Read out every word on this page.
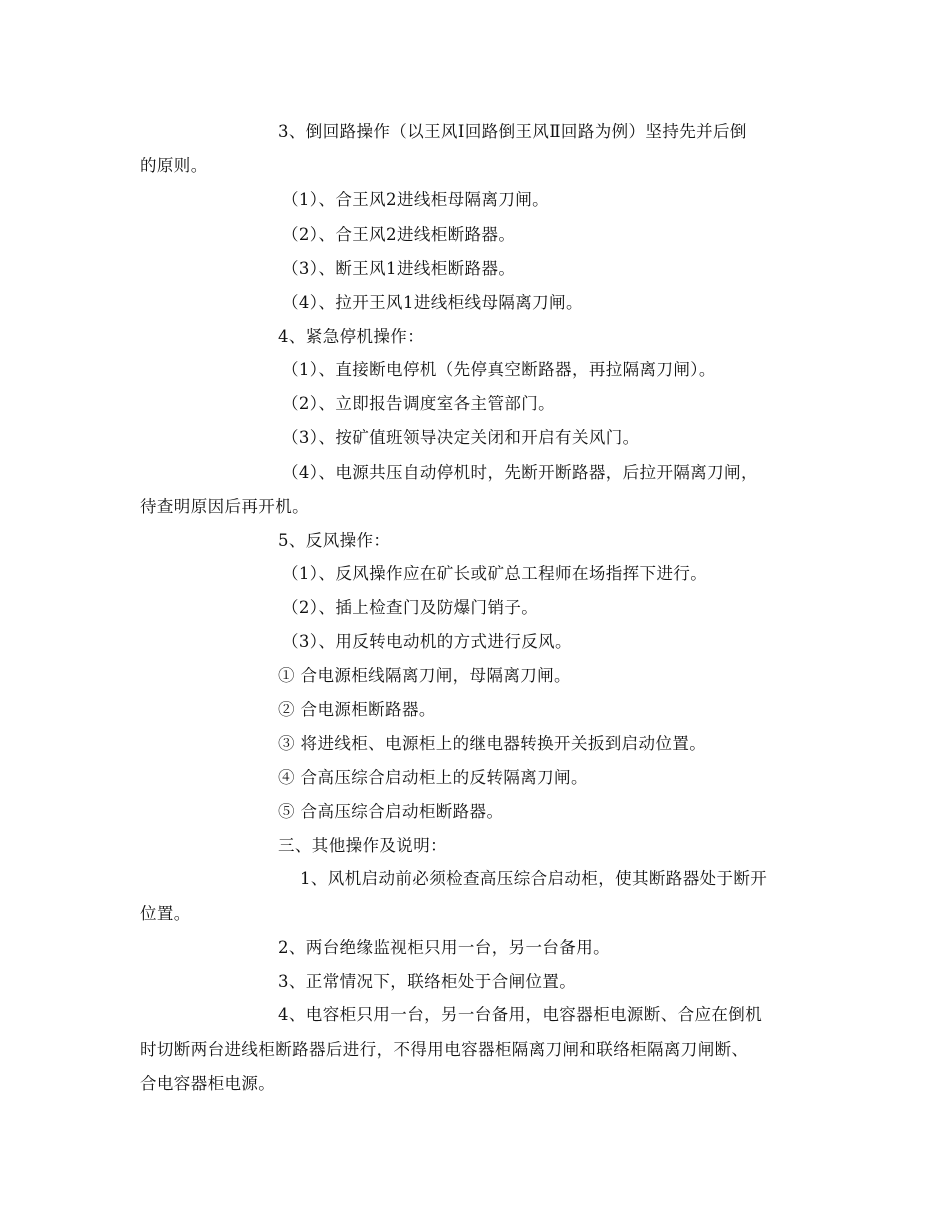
3、倒回路操作（以王风Ⅰ回路倒王风Ⅱ回路为例）坚持先并后倒
的原则。
（1）、合王风2进线柜母隔离刀闸。
（2）、合王风2进线柜断路器。
（3）、断王风1进线柜断路器。
（4）、拉开王风1进线柜线母隔离刀闸。
4、紧急停机操作：
（1）、直接断电停机（先停真空断路器，再拉隔离刀闸）。
（2）、立即报告调度室各主管部门。
（3）、按矿值班领导决定关闭和开启有关风门。
（4）、电源共压自动停机时，先断开断路器，后拉开隔离刀闸，
待查明原因后再开机。
5、反风操作：
（1）、反风操作应在矿长或矿总工程师在场指挥下进行。
（2）、插上检查门及防爆门销子。
（3）、用反转电动机的方式进行反风。
① 合电源柜线隔离刀闸，母隔离刀闸。
② 合电源柜断路器。
③ 将进线柜、电源柜上的继电器转换开关扳到启动位置。
④ 合高压综合启动柜上的反转隔离刀闸。
⑤ 合高压综合启动柜断路器。
三、其他操作及说明：
1、风机启动前必须检查高压综合启动柜，使其断路器处于断开
位置。
2、两台绝缘监视柜只用一台，另一台备用。
3、正常情况下，联络柜处于合闸位置。
4、电容柜只用一台，另一台备用，电容器柜电源断、合应在倒机
时切断两台进线柜断路器后进行，不得用电容器柜隔离刀闸和联络柜隔离刀闸断、
合电容器柜电源。
